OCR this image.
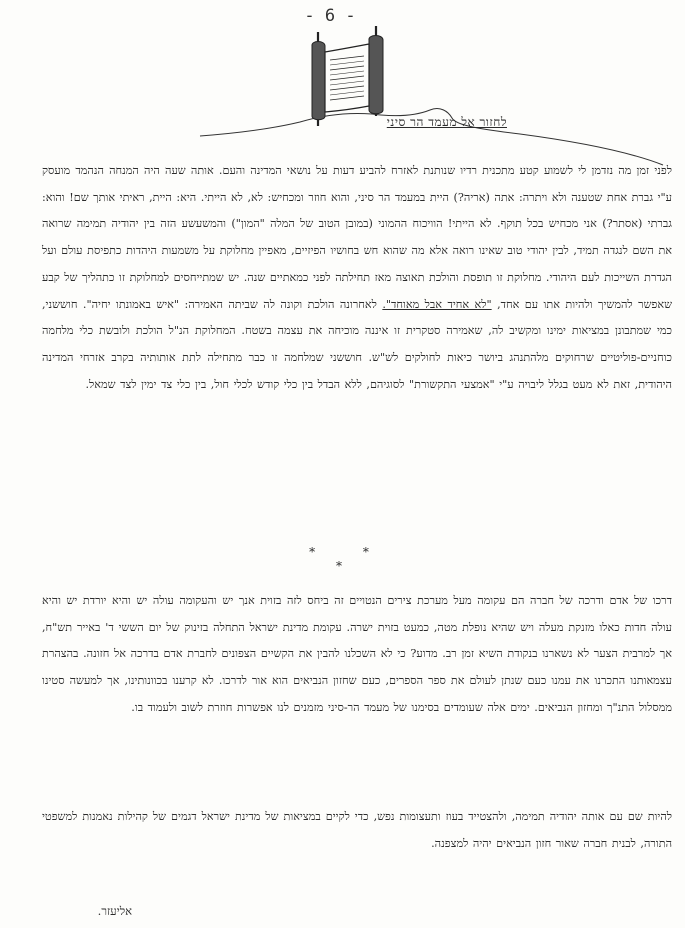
- 6 -
לחזור אל מעמד הר סיני

לפני זמן מה נזדמן לי לשמוע קטע מתכנית רדיו שנותנת לאזרח להביע דעות על נושאי המדינה והעם. אותה שעה היה המנחה הנהמד מועסק ע"י גברת אחת שטענה ולא ויתרה: אתה (אריה?) היית במעמד הר סיני, והוא חוזר ומכחיש: לא, לא הייתי. היא: היית, ראיתי אותך שם! והוא: גברתי (אסתר?) אני מכחיש בכל תוקף. לא הייתי! הוויכוח ההמוני (במובן הטוב של המלה "המון") והמשעשע הזה בין יהודיה תמימה שרואה את השם לנגדה תמיד, לבין יהודי טוב שאינו רואה אלא מה שהוא חש בחושיו הפיזיים, מאפיין מחלוקת על משמעות היהדות כתפיסת עולם ועל הגדרת השייכות לעם היהודי. מחלוקת זו תופסת והולכת תאוצה מאז תחילתה לפני כמאתיים שנה. יש שמתייחסים למחלוקת זו כתהליך של קבע שאפשר להמשיך ולהיות אתו עם אחד, "לא אחיד אבל מאוחד". לאחרונה הולכת וקונה לה שביתה האמירה: "איש באמונתו יחיה". חוששני, כמי שמתבונן במציאות ימינו ומקשיב לה, שאמירה סטקרית זו איננה מוכיחה את עצמה בשטח. המחלוקת הנ"ל הולכת ולובשת כלי מלחמה כוחניים-פוליטיים שרחוקים מלהתנהג ביושר כיאות לחולקים לש"ש. חוששני שמלחמה זו כבר מתחילה לתת אותותיה בקרב אזרחי המדינה היהודית, זאת לא מעט בגלל ליבויה ע"י "אמצעי התקשורת" לסוגיהם, ללא הבדל בין כלי קודש לכלי חול, בין כלי צד ימין לצד שמאל.

* * *

דרכו של אדם ודרכה של חברה הם עקומה מעל מערכת צירים הנטויים זה ביחס לזה בזוית אנך יש והעקומה עולה יש והיא יורדת יש והיא עולה חדות כאלו מזנקת מעלה ויש שהיא נופלת מטה, כמעט בזוית ישרה. עקומת מדינת ישראל התחלה בזינוק של יום הששי ד' באייר תש"ח, אך למרבית הצער לא נשארנו בנקודת השיא זמן רב. מדוע? כי לא השכלנו להבין את הקשיים הצפונים לחברת אדם בדרכה אל חזונה. בהצהרת עצמאותנו התכרנו את עמנו כעם שנתן לעולם את ספר הספרים, כעם שחזון הנביאים הוא אור לדרכו. לא קרענו בכוונותינו, אך למעשה סטינו ממסלול התנ"ך ומחזון הנביאים. ימים אלה שעומדים בסימנו של מעמד הר-סיני מזמנים לנו אפשרות חוזרת לשוב ולעמוד בו.

להיות שם עם אותה יהודיה תמימה, ולהצטייד בעוז ותעצומות נפש, כדי לקיים במציאות של מדינת ישראל דגמים של קהילות נאמנות למשפטי התורה, לבנית חברה שאור חזון הנביאים יהיה למצפנה.

אליעזר.
